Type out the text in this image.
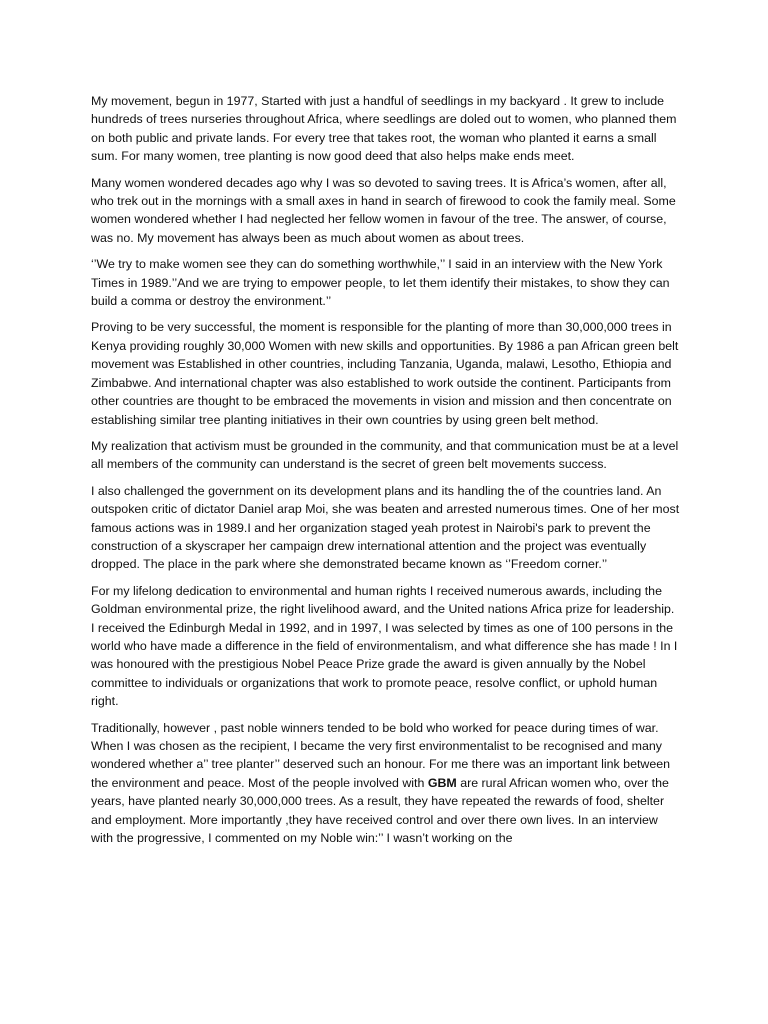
My movement, begun in 1977, Started with just a handful of seedlings in my backyard . It grew to include hundreds of trees nurseries throughout Africa, where seedlings are doled out to women, who planned them on both public and private lands. For every tree that takes root, the woman who planted it earns a small sum. For many women, tree planting is now good deed that also helps make ends meet.

Many women wondered decades ago why I was so devoted to saving trees. It is Africa’s women, after all, who trek out in the mornings with a small axes in hand in search of firewood to cook the family meal. Some women wondered whether I had neglected her fellow women in favour of the tree. The answer, of course, was no. My movement has always been as much about women as about trees.

‘’We try to make women see they can do something worthwhile,’’ I said in an interview with the New York Times in 1989.’’And we are trying to empower people, to let them identify their mistakes, to show they can build a comma or destroy the environment.’’

Proving to be very successful, the moment is responsible for the planting of more than 30,000,000 trees in Kenya providing roughly 30,000 Women with new skills and opportunities. By 1986 a pan African green belt movement was Established in other countries, including Tanzania, Uganda, malawi, Lesotho, Ethiopia and Zimbabwe. And international chapter was also established to work outside the continent. Participants from other countries are thought to be embraced the movements in vision and mission and then concentrate on establishing similar tree planting initiatives in their own countries by using green belt method.

My realization that activism must be grounded in the community, and that communication must be at a level all members of the community can understand is the secret of green belt movements success.

I also challenged the government on its development plans and its handling the of the countries land. An outspoken critic of dictator Daniel arap Moi, she was beaten and arrested numerous times. One of her most famous actions was in 1989.I and her organization staged yeah protest in Nairobi's park to prevent the construction of a skyscraper her campaign drew international attention and the project was eventually dropped. The place in the park where she demonstrated became known as ‘’Freedom corner.’’

For my lifelong dedication to environmental and human rights I received numerous awards, including the Goldman environmental prize, the right livelihood award, and the United nations Africa prize for leadership. I received the Edinburgh Medal in 1992, and in 1997, I was selected by times as one of 100 persons in the world who have made a difference in the field of environmentalism, and what difference she has made ! In I was honoured with the prestigious Nobel Peace Prize grade the award is given annually by the Nobel committee to individuals or organizations that work to promote peace, resolve conflict, or uphold human right.

Traditionally, however , past noble winners tended to be bold who worked for peace during times of war. When I was chosen as the recipient, I became the very first environmentalist to be recognised and many wondered whether a’’ tree planter’’ deserved such an honour. For me there was an important link between the environment and peace. Most of the people involved with GBM are rural African women who, over the years, have planted nearly 30,000,000 trees. As a result, they have repeated the rewards of food, shelter and employment. More importantly ,they have received control and over there own lives. In an interview with the progressive, I commented on my Noble win:’’ I wasn’t working on the
